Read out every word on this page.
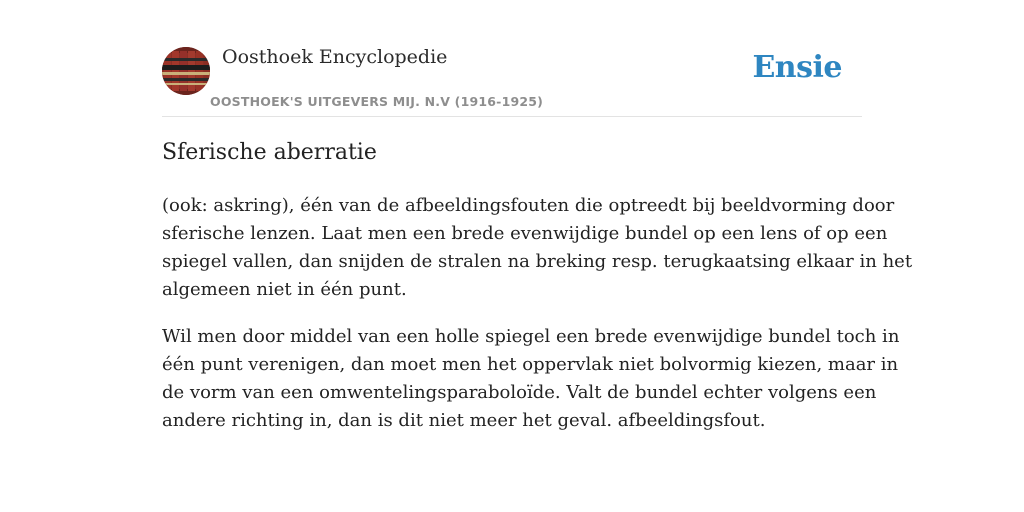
Oosthoek Encyclopedie
OOSTHOEK'S UITGEVERS MIJ. N.V (1916-1925)
Ensie
Sferische aberratie

(ook: askring), één van de afbeeldingsfouten die optreedt bij beeldvorming door
sferische lenzen. Laat men een brede evenwijdige bundel op een lens of op een
spiegel vallen, dan snijden de stralen na breking resp. terugkaatsing elkaar in het
algemeen niet in één punt.

Wil men door middel van een holle spiegel een brede evenwijdige bundel toch in
één punt verenigen, dan moet men het oppervlak niet bolvormig kiezen, maar in
de vorm van een omwentelingsparaboloïde. Valt de bundel echter volgens een
andere richting in, dan is dit niet meer het geval. afbeeldingsfout.
